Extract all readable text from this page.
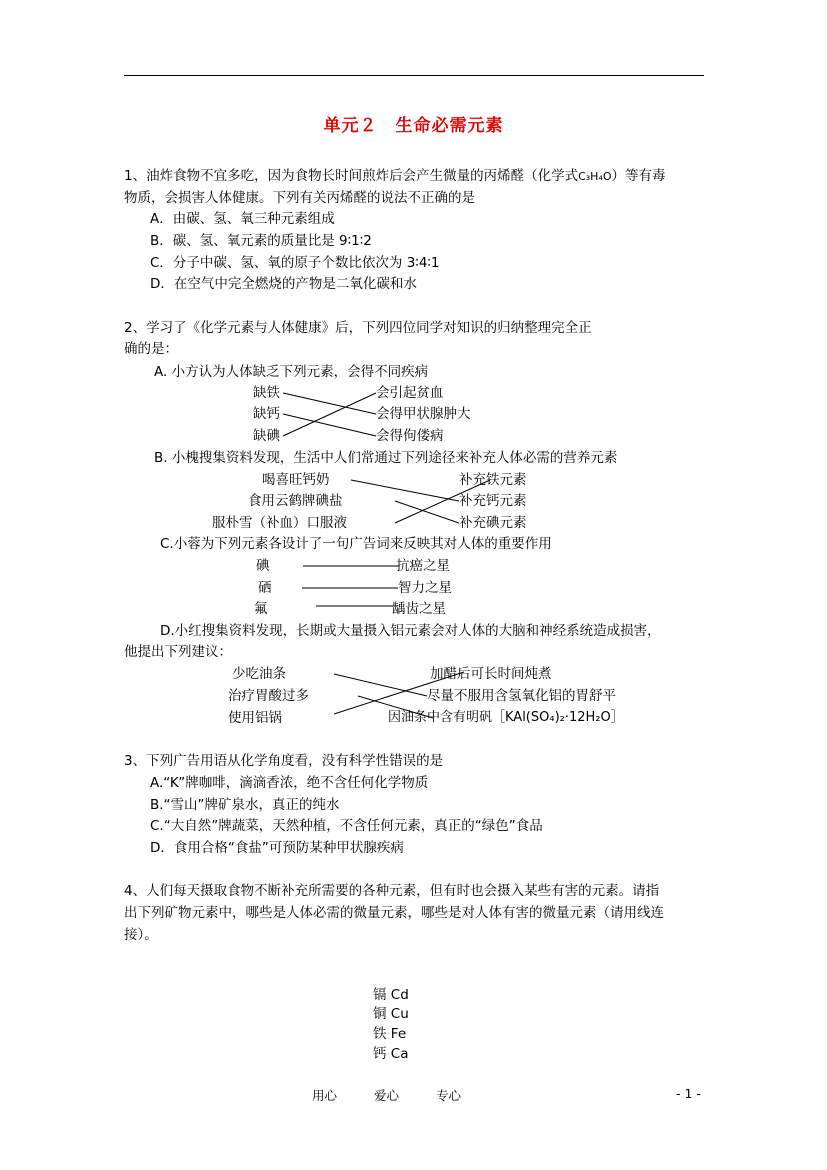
单元２　生命必需元素
1、油炸食物不宜多吃，因为食物长时间煎炸后会产生微量的丙烯醛（化学式C₃H₄O）等有毒
物质，会损害人体健康。下列有关丙烯醛的说法不正确的是
A．由碳、氢、氧三种元素组成
B．碳、氢、氧元素的质量比是 9∶1∶2
C．分子中碳、氢、氧的原子个数比依次为 3∶4∶1
D．在空气中完全燃烧的产物是二氧化碳和水
2、学习了《化学元素与人体健康》后，下列四位同学对知识的归纳整理完全正
确的是：
A. 小方认为人体缺乏下列元素，会得不同疾病
缺铁
缺钙
缺碘
会引起贫血
会得甲状腺肿大
会得佝偻病
B. 小槐搜集资料发现，生活中人们常通过下列途径来补充人体必需的营养元素
喝喜旺钙奶
食用云鹤牌碘盐
服朴雪（补血）口服液
补充铁元素
补充钙元素
补充碘元素
C.小蓉为下列元素各设计了一句广告词来反映其对人体的重要作用
碘
硒
氟
抗癌之星
智力之星
龋齿之星
D.小红搜集资料发现，长期或大量摄入铝元素会对人体的大脑和神经系统造成损害，
他提出下列建议：
少吃油条
治疗胃酸过多
使用铝锅
加醋后可长时间炖煮
尽量不服用含氢氧化铝的胃舒平
因油条中含有明矾［KAl(SO₄)₂·12H₂O］
3、下列广告用语从化学角度看，没有科学性错误的是
A.“K”牌咖啡，滴滴香浓，绝不含任何化学物质
B.“雪山”牌矿泉水，真正的纯水
C.“大自然”牌蔬菜，天然种植，不含任何元素，真正的“绿色”食品
D．食用合格“食盐”可预防某种甲状腺疾病
4、人们每天摄取食物不断补充所需要的各种元素，但有时也会摄入某些有害的元素。请指
出下列矿物元素中，哪些是人体必需的微量元素，哪些是对人体有害的微量元素（请用线连
接）。
镉 Cd
铜 Cu
铁 Fe
钙 Ca
用心	爱心	专心	- 1 -
